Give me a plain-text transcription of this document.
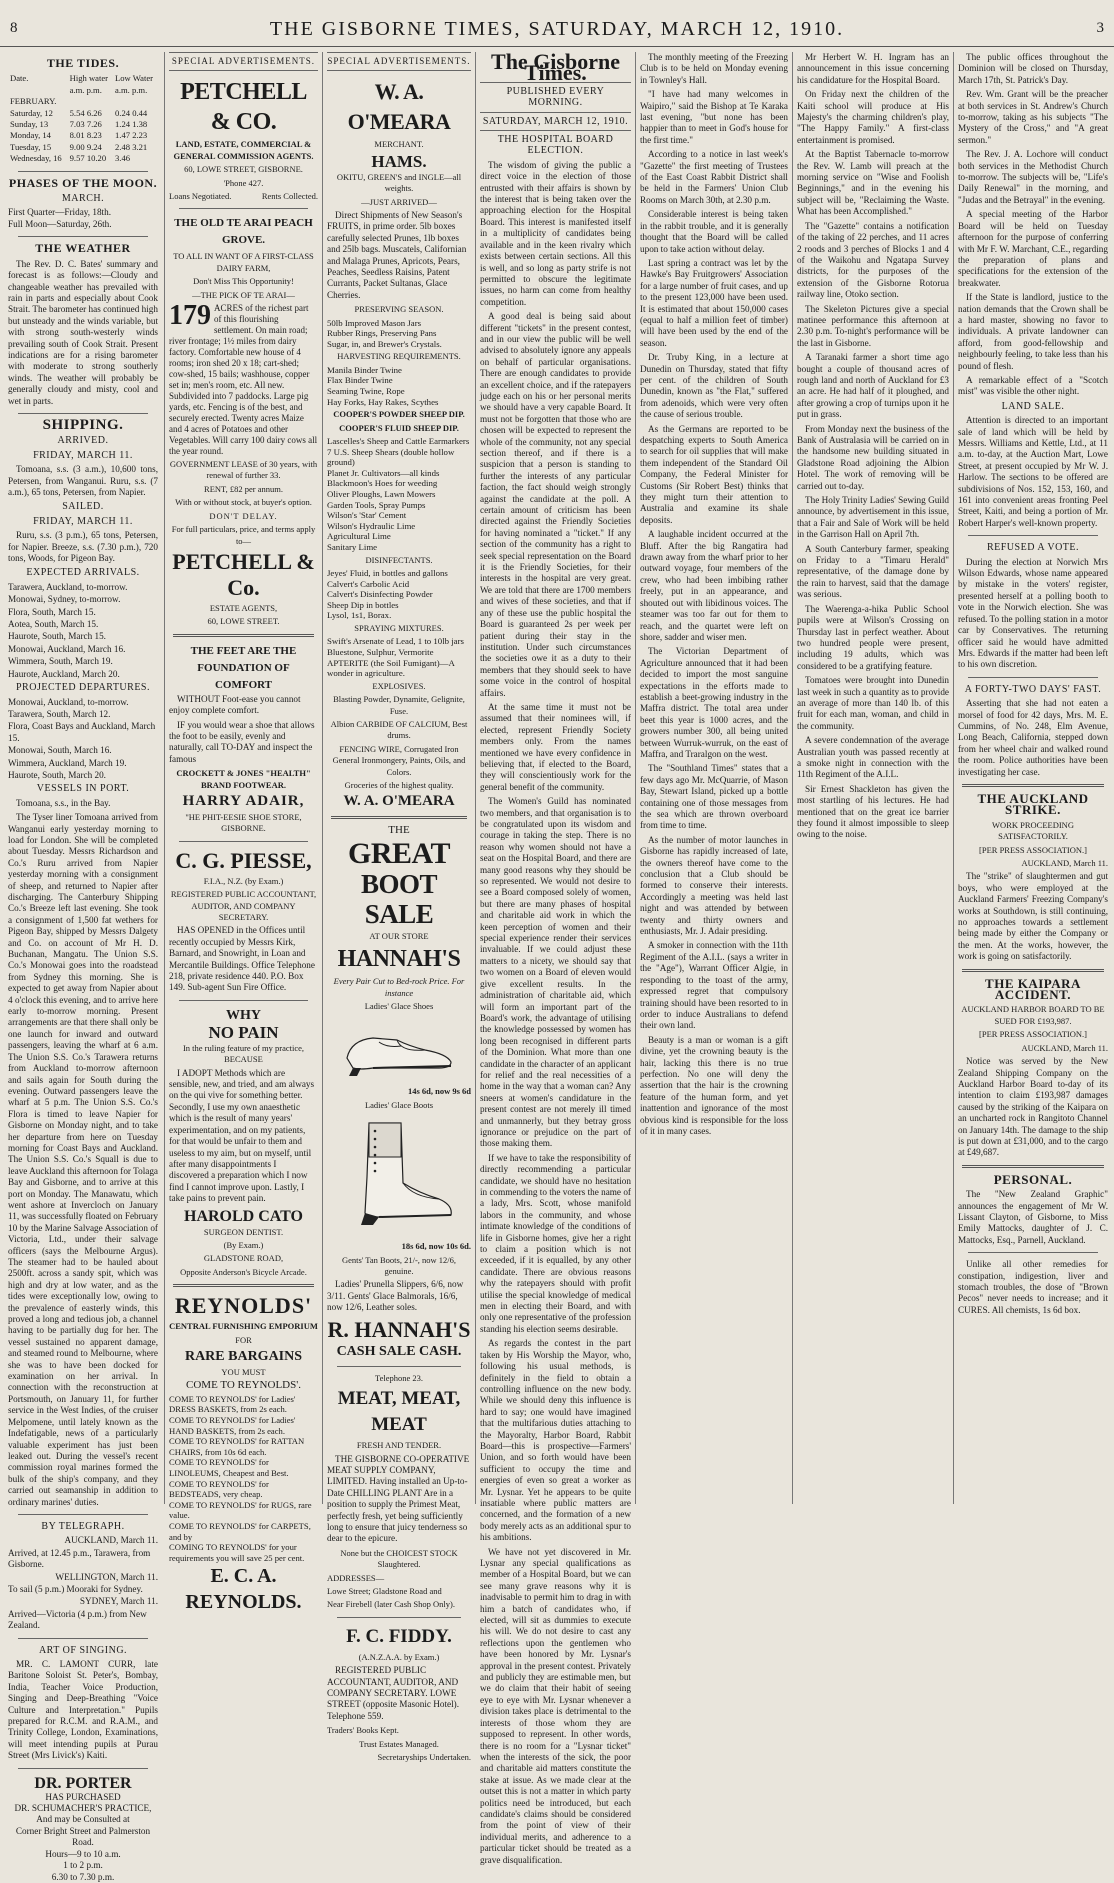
8	THE GISBORNE TIMES, SATURDAY, MARCH 12, 1910.	3
THE TIDES.
Date.	High water	Low Water
	a.m. p.m.	a.m. p.m.
FEBRUARY.		
Saturday, 12	5.54 6.26	0.24 0.44
Sunday, 13	7.03 7.26	1.24 1.38
Monday, 14	8.01 8.23	1.47 2.23
Tuesday, 15	9.00 9.24	2.48 3.21
Wednesday, 16	9.57 10.20	3.46
PHASES OF THE MOON.
MARCH.
First Quarter—Friday, 18th.
Full Moon—Saturday, 26th.
THE WEATHER

The Rev. D. C. Bates' summary and forecast is as follows:—Cloudy and changeable weather has prevailed with rain in parts and especially about Cook Strait. The barometer has continued high but unsteady and the winds variable, but with strong south-westerly winds prevailing south of Cook Strait. Present indications are for a rising barometer with moderate to strong southerly winds. The weather will probably be generally cloudy and misty, cool and wet in parts.

SHIPPING.
ARRIVED.
FRIDAY, MARCH 11.

Tomoana, s.s. (3 a.m.), 10,600 tons, Petersen, from Wanganui. Ruru, s.s. (7 a.m.), 65 tons, Petersen, from Napier.

SAILED.
FRIDAY, MARCH 11.

Ruru, s.s. (3 p.m.), 65 tons, Petersen, for Napier. Breeze, s.s. (7.30 p.m.), 720 tons, Woods, for Pigeon Bay.

EXPECTED ARRIVALS.
Tarawera, Auckland, to-morrow.
Monowai, Sydney, to-morrow.
Flora, South, March 15.
Aotea, South, March 15.
Haurote, South, March 15.
Monowai, Auckland, March 16.
Wimmera, South, March 19.
Haurote, Auckland, March 20.
PROJECTED DEPARTURES.
Monowai, Auckland, to-morrow.
Tarawera, South, March 12.
Flora, Coast Bays and Auckland, March 15.
Monowai, South, March 16.
Wimmera, Auckland, March 19.
Haurote, South, March 20.
VESSELS IN PORT.

Tomoana, s.s., in the Bay.

The Tyser liner Tomoana arrived from Wanganui early yesterday morning to load for London. She will be completed about Tuesday. Messrs Richardson and Co.'s Ruru arrived from Napier yesterday morning with a consignment of sheep, and returned to Napier after discharging. The Canterbury Shipping Co.'s Breeze left last evening. She took a consignment of 1,500 fat wethers for Pigeon Bay, shipped by Messrs Dalgety and Co. on account of Mr H. D. Buchanan, Mangatu. The Union S.S. Co.'s Monowai goes into the roadstead from Sydney this morning. She is expected to get away from Napier about 4 o'clock this evening, and to arrive here early to-morrow morning. Present arrangements are that there shall only be one launch for inward and outward passengers, leaving the wharf at 6 a.m. The Union S.S. Co.'s Tarawera returns from Auckland to-morrow afternoon and sails again for South during the evening. Outward passengers leave the wharf at 5 p.m. The Union S.S. Co.'s Flora is timed to leave Napier for Gisborne on Monday night, and to take her departure from here on Tuesday morning for Coast Bays and Auckland. The Union S.S. Co.'s Squall is due to leave Auckland this afternoon for Tolaga Bay and Gisborne, and to arrive at this port on Monday. The Manawatu, which went ashore at Invercloch on January 11, was successfully floated on February 10 by the Marine Salvage Association of Victoria, Ltd., under their salvage officers (says the Melbourne Argus). The steamer had to be hauled about 2500ft. across a sandy spit, which was high and dry at low water, and as the tides were exceptionally low, owing to the prevalence of easterly winds, this proved a long and tedious job, a channel having to be partially dug for her. The vessel sustained no apparent damage, and steamed round to Melbourne, where she was to have been docked for examination on her arrival. In connection with the reconstruction at Portsmouth, on January 11, for further service in the West Indies, of the cruiser Melpomene, until lately known as the Indefatigable, news of a particularly valuable experiment has just been leaked out. During the vessel's recent commission royal marines formed the bulk of the ship's company, and they carried out seamanship in addition to ordinary marines' duties.

BY TELEGRAPH.
AUCKLAND, March 11.
Arrived, at 12.45 p.m., Tarawera, from Gisborne.
WELLINGTON, March 11.
To sail (5 p.m.) Mooraki for Sydney.
SYDNEY, March 11.
Arrived—Victoria (4 p.m.) from New Zealand.
ART OF SINGING.

MR. C. LAMONT CURR, late Baritone Soloist St. Peter's, Bombay, India, Teacher Voice Production, Singing and Deep-Breathing "Voice Culture and Interpretation." Pupils prepared for R.C.M. and R.A.M., and Trinity College, London, Examinations, will meet intending pupils at Purau Street (Mrs Livick's) Kaiti.

DR. PORTER
HAS PURCHASED
DR. SCHUMACHER'S PRACTICE,
And may be Consulted at
Corner Bright Street and Palmerston Road.
Hours—9 to 10 a.m.
1 to 2 p.m.
6.30 to 7.30 p.m.
SPECIAL ADVERTISEMENTS.
PETCHELL & CO.
LAND, ESTATE, COMMERCIAL & GENERAL COMMISSION AGENTS.
60, LOWE STREET, GISBORNE.
'Phone 427.
Loans Negotiated.	Rents Collected.
THE OLD TE ARAI PEACH GROVE.
TO ALL IN WANT OF A FIRST-CLASS DAIRY FARM,
Don't Miss This Opportunity!
—THE PICK OF TE ARAI—
179 ACRES of the richest part of this flourishing settlement. On main road; river frontage; 1½ miles from dairy factory. Comfortable new house of 4 rooms; iron shed 20 x 18; cart-shed; cow-shed, 15 bails; washhouse, copper set in; men's room, etc. All new. Subdivided into 7 paddocks. Large pig yards, etc. Fencing is of the best, and securely erected. Twenty acres Maize and 4 acres of Potatoes and other Vegetables. Will carry 100 dairy cows all the year round.
GOVERNMENT LEASE of 30 years, with renewal of further 33.
RENT, £82 per annum.
With or without stock, at buyer's option.
DON'T DELAY.
For full particulars, price, and terms apply to—
PETCHELL & Co.
ESTATE AGENTS,
60, LOWE STREET.
THE FEET ARE THE FOUNDATION OF COMFORT

WITHOUT Foot-ease you cannot enjoy complete comfort.

IF you would wear a shoe that allows the foot to be easily, evenly and naturally, call TO-DAY and inspect the famous

CROCKETT & JONES "HEALTH" BRAND FOOTWEAR.
HARRY ADAIR,
"HE PHIT-EESIE SHOE STORE, GISBORNE.
C. G. PIESSE,
F.I.A., N.Z. (by Exam.)
REGISTERED PUBLIC ACCOUNTANT, AUDITOR, AND COMPANY SECRETARY.

HAS OPENED in the Offices until recently occupied by Messrs Kirk, Barnard, and Snowright, in Loan and Mercantile Buildings. Office Telephone 218, private residence 440. P.O. Box 149. Sub-agent Sun Fire Office.

WHY
NO PAIN
In the ruling feature of my practice, BECAUSE

I ADOPT Methods which are sensible, new, and tried, and am always on the qui vive for something better. Secondly, I use my own anaesthetic which is the result of many years' experimentation, and on my patients, for that would be unfair to them and useless to my aim, but on myself, until after many disappointments I discovered a preparation which I now find I cannot improve upon. Lastly, I take pains to prevent pain.

HAROLD CATO
SURGEON DENTIST.
(By Exam.)
GLADSTONE ROAD,
Opposite Anderson's Bicycle Arcade.
REYNOLDS'
CENTRAL FURNISHING EMPORIUM
FOR
RARE BARGAINS
YOU MUST
COME TO REYNOLDS'.
COME TO REYNOLDS' for Ladies' DRESS BASKETS, from 2s each.
COME TO REYNOLDS' for Ladies' HAND BASKETS, from 2s each.
COME TO REYNOLDS' for RATTAN CHAIRS, from 10s 6d each.
COME TO REYNOLDS' for LINOLEUMS, Cheapest and Best.
COME TO REYNOLDS' for BEDSTEADS, very cheap.
COME TO REYNOLDS' for RUGS, rare value.
COME TO REYNOLDS' for CARPETS, and by
COMING TO REYNOLDS' for your requirements you will save 25 per cent.
E. C. A. REYNOLDS.
SPECIAL ADVERTISEMENTS.
W. A. O'MEARA
MERCHANT.
HAMS.
OKITU, GREEN'S and INGLE—all weights.
—JUST ARRIVED—

Direct Shipments of New Season's FRUITS, in prime order. 5lb boxes carefully selected Prunes, 1lb boxes and 25lb bags. Muscatels, Californian and Malaga Prunes, Apricots, Pears, Peaches, Seedless Raisins, Patent Currants, Packet Sultanas, Glace Cherries.

PRESERVING SEASON.
50lb Improved Mason Jars
Rubber Rings, Preserving Pans
Sugar, in, and Brewer's Crystals.
HARVESTING REQUIREMENTS.
Manila Binder Twine
Flax Binder Twine
Seaming Twine, Rope
Hay Forks, Hay Rakes, Scythes
COOPER'S POWDER SHEEP DIP.
COOPER'S FLUID SHEEP DIP.
Lascelles's Sheep and Cattle Earmarkers
7 U.S. Sheep Shears (double hollow ground)
Planet Jr. Cultivators—all kinds
Blackmoon's Hoes for weeding
Oliver Ploughs, Lawn Mowers
Garden Tools, Spray Pumps
Wilson's 'Star' Cement
Wilson's Hydraulic Lime
Agricultural Lime
Sanitary Lime
DISINFECTANTS.
Jeyes' Fluid, in bottles and gallons
Calvert's Carbolic Acid
Calvert's Disinfecting Powder
Sheep Dip in bottles
Lysol, 1s1, Borax.
SPRAYING MIXTURES.
Swift's Arsenate of Lead, 1 to 10lb jars
Bluestone, Sulphur, Vermorite
APTERITE (the Soil Fumigant)—A wonder in agriculture.
EXPLOSIVES.
Blasting Powder, Dynamite, Gelignite, Fuse.
Albion CARBIDE OF CALCIUM, Best drums.
FENCING WIRE, Corrugated Iron General Ironmongery, Paints, Oils, and Colors.
Groceries of the highest quality.
W. A. O'MEARA
THE
GREAT
BOOT SALE
AT OUR STORE
HANNAH'S
Every Pair Cut to Bed-rock Price. For instance
Ladies' Glace Shoes
14s 6d, now 9s 6d
Ladies' Glace Boots
18s 6d, now 10s 6d.
Gents' Tan Boots, 21/-, now 12/6, genuine.

Ladies' Prunella Slippers, 6/6, now 3/11. Gents' Glace Balmorals, 16/6, now 12/6, Leather soles.

R. HANNAH'S
CASH SALE CASH.
Telephone 23.
MEAT, MEAT, MEAT
FRESH AND TENDER.

THE GISBORNE CO-OPERATIVE MEAT SUPPLY COMPANY, LIMITED. Having installed an Up-to-Date CHILLING PLANT Are in a position to supply the Primest Meat, perfectly fresh, yet being sufficiently long to ensure that juicy tenderness so dear to the epicure.

None but the CHOICEST STOCK Slaughtered.
ADDRESSES—
Lowe Street; Gladstone Road and
Near Firebell (later Cash Shop Only).
F. C. FIDDY.
(A.N.Z.A.A. by Exam.)

REGISTERED PUBLIC ACCOUNTANT, AUDITOR, AND COMPANY SECRETARY. LOWE STREET (opposite Masonic Hotel). Telephone 559.

Traders' Books Kept.
Trust Estates Managed.
Secretaryships Undertaken.
The Gisborne Times.
PUBLISHED EVERY MORNING.
SATURDAY, MARCH 12, 1910.
THE HOSPITAL BOARD ELECTION.

The wisdom of giving the public a direct voice in the election of those entrusted with their affairs is shown by the interest that is being taken over the approaching election for the Hospital Board. This interest is manifested itself in a multiplicity of candidates being available and in the keen rivalry which exists between certain sections. All this is well, and so long as party strife is not permitted to obscure the legitimate issues, no harm can come from healthy competition.

A good deal is being said about different "tickets" in the present contest, and in our view the public will be well advised to absolutely ignore any appeals on behalf of particular organisations. There are enough candidates to provide an excellent choice, and if the ratepayers judge each on his or her personal merits we should have a very capable Board. It must not be forgotten that those who are chosen will be expected to represent the whole of the community, not any special section thereof, and if there is a suspicion that a person is standing to further the interests of any particular faction, the fact should weigh strongly against the candidate at the poll. A certain amount of criticism has been directed against the Friendly Societies for having nominated a "ticket." If any section of the community has a right to seek special representation on the Board it is the Friendly Societies, for their interests in the hospital are very great. We are told that there are 1700 members and wives of these societies, and that if any of these use the public hospital the Board is guaranteed 2s per week per patient during their stay in the institution. Under such circumstances the societies owe it as a duty to their members that they should seek to have some voice in the control of hospital affairs.

At the same time it must not be assumed that their nominees will, if elected, represent Friendly Society members only. From the names mentioned we have every confidence in believing that, if elected to the Board, they will conscientiously work for the general benefit of the community.

The Women's Guild has nominated two members, and that organisation is to be congratulated upon its wisdom and courage in taking the step. There is no reason why women should not have a seat on the Hospital Board, and there are many good reasons why they should be so represented. We would not desire to see a Board composed solely of women, but there are many phases of hospital and charitable aid work in which the keen perception of women and their special experience render their services invaluable. If we could adjust these matters to a nicety, we should say that two women on a Board of eleven would give excellent results. In the administration of charitable aid, which will form an important part of the Board's work, the advantage of utilising the knowledge possessed by women has long been recognised in different parts of the Dominion. What more than one candidate in the character of an applicant for relief and the real necessities of a home in the way that a woman can? Any sneers at women's candidature in the present contest are not merely ill timed and unmannerly, but they betray gross ignorance or prejudice on the part of those making them.

If we have to take the responsibility of directly recommending a particular candidate, we should have no hesitation in commending to the voters the name of a lady, Mrs. Scott, whose manifold labors in the community, and whose intimate knowledge of the conditions of life in Gisborne homes, give her a right to claim a position which is not exceeded, if it is equalled, by any other candidate. There are obvious reasons why the ratepayers should with profit utilise the special knowledge of medical men in electing their Board, and with only one representative of the profession standing his election seems desirable.

As regards the contest in the part taken by His Worship the Mayor, who, following his usual methods, is definitely in the field to obtain a controlling influence on the new body. While we should deny this influence is hard to say; one would have imagined that the multifarious duties attaching to the Mayoralty, Harbor Board, Rabbit Board—this is prospective—Farmers' Union, and so forth would have been sufficient to occupy the time and energies of even so great a worker as Mr. Lysnar. Yet he appears to be quite insatiable where public matters are concerned, and the formation of a new body merely acts as an additional spur to his ambitions.

We have not yet discovered in Mr. Lysnar any special qualifications as member of a Hospital Board, but we can see many grave reasons why it is inadvisable to permit him to drag in with him a batch of candidates who, if elected, will sit as dummies to execute his will. We do not desire to cast any reflections upon the gentlemen who have been honored by Mr. Lysnar's approval in the present contest. Privately and publicly they are estimable men, but we do claim that their habit of seeing eye to eye with Mr. Lysnar whenever a division takes place is detrimental to the interests of those whom they are supposed to represent. In other words, there is no room for a "Lysnar ticket" when the interests of the sick, the poor and charitable aid matters constitute the stake at issue. As we made clear at the outset this is not a matter in which party politics need be introduced, but each candidate's claims should be considered from the point of view of their individual merits, and adherence to a particular ticket should be treated as a grave disqualification.

The monthly meeting of the Freezing Club is to be held on Monday evening in Townley's Hall.

"I have had many welcomes in Waipiro," said the Bishop at Te Karaka last evening, "but none has been happier than to meet in God's house for the first time."

According to a notice in last week's "Gazette" the first meeting of Trustees of the East Coast Rabbit District shall be held in the Farmers' Union Club Rooms on March 30th, at 2.30 p.m.

Considerable interest is being taken in the rabbit trouble, and it is generally thought that the Board will be called upon to take action without delay.

Last spring a contract was let by the Hawke's Bay Fruitgrowers' Association for a large number of fruit cases, and up to the present 123,000 have been used. It is estimated that about 150,000 cases (equal to half a million feet of timber) will have been used by the end of the season.

Dr. Truby King, in a lecture at Dunedin on Thursday, stated that fifty per cent. of the children of South Dunedin, known as "the Flat," suffered from adenoids, which were very often the cause of serious trouble.

As the Germans are reported to be despatching experts to South America to search for oil supplies that will make them independent of the Standard Oil Company, the Federal Minister for Customs (Sir Robert Best) thinks that they might turn their attention to Australia and examine its shale deposits.

A laughable incident occurred at the Bluff. After the big Rangatira had drawn away from the wharf prior to her outward voyage, four members of the crew, who had been imbibing rather freely, put in an appearance, and shouted out with libidinous voices. The steamer was too far out for them to reach, and the quartet were left on shore, sadder and wiser men.

The Victorian Department of Agriculture announced that it had been decided to import the most sanguine expectations in the efforts made to establish a beet-growing industry in the Maffra district. The total area under beet this year is 1000 acres, and the growers number 300, all being united between Wurruk-wurruk, on the east of Maffra, and Traralgon on the west.

The "Southland Times" states that a few days ago Mr. McQuarrie, of Mason Bay, Stewart Island, picked up a bottle containing one of those messages from the sea which are thrown overboard from time to time.

As the number of motor launches in Gisborne has rapidly increased of late, the owners thereof have come to the conclusion that a Club should be formed to conserve their interests. Accordingly a meeting was held last night and was attended by between twenty and thirty owners and enthusiasts, Mr. J. Adair presiding.

A smoker in connection with the 11th Regiment of the A.I.L. (says a writer in the "Age"), Warrant Officer Algie, in responding to the toast of the army, expressed regret that compulsory training should have been resorted to in order to induce Australians to defend their own land.

Beauty is a man or woman is a gift divine, yet the crowning beauty is the hair, lacking this there is no true perfection. No one will deny the assertion that the hair is the crowning feature of the human form, and yet inattention and ignorance of the most obvious kind is responsible for the loss of it in many cases.

Mr Herbert W. H. Ingram has an announcement in this issue concerning his candidature for the Hospital Board.

On Friday next the children of the Kaiti school will produce at His Majesty's the charming children's play, "The Happy Family." A first-class entertainment is promised.

At the Baptist Tabernacle to-morrow the Rev. W. Lamb will preach at the morning service on "Wise and Foolish Beginnings," and in the evening his subject will be, "Reclaiming the Waste. What has been Accomplished."

The "Gazette" contains a notification of the taking of 22 perches, and 11 acres 2 roods and 3 perches of Blocks 1 and 4 of the Waikohu and Ngatapa Survey districts, for the purposes of the extension of the Gisborne Rotorua railway line, Otoko section.

The Skeleton Pictures give a special matinee performance this afternoon at 2.30 p.m. To-night's performance will be the last in Gisborne.

A Taranaki farmer a short time ago bought a couple of thousand acres of rough land and north of Auckland for £3 an acre. He had half of it ploughed, and after growing a crop of turnips upon it he put in grass.

From Monday next the business of the Bank of Australasia will be carried on in the handsome new building situated in Gladstone Road adjoining the Albion Hotel. The work of removing will be carried out to-day.

The Holy Trinity Ladies' Sewing Guild announce, by advertisement in this issue, that a Fair and Sale of Work will be held in the Garrison Hall on April 7th.

A South Canterbury farmer, speaking on Friday to a "Timaru Herald" representative, of the damage done by the rain to harvest, said that the damage was serious.

The Waerenga-a-hika Public School pupils were at Wilson's Crossing on Thursday last in perfect weather. About two hundred people were present, including 19 adults, which was considered to be a gratifying feature.

Tomatoes were brought into Dunedin last week in such a quantity as to provide an average of more than 140 lb. of this fruit for each man, woman, and child in the community.

A severe condemnation of the average Australian youth was passed recently at a smoke night in connection with the 11th Regiment of the A.I.L.

Sir Ernest Shackleton has given the most startling of his lectures. He had mentioned that on the great ice barrier they found it almost impossible to sleep owing to the noise.

The public offices throughout the Dominion will be closed on Thursday, March 17th, St. Patrick's Day.

Rev. Wm. Grant will be the preacher at both services in St. Andrew's Church to-morrow, taking as his subjects "The Mystery of the Cross," and "A great sermon."

The Rev. J. A. Lochore will conduct both services in the Methodist Church to-morrow. The subjects will be, "Life's Daily Renewal" in the morning, and "Judas and the Betrayal" in the evening.

A special meeting of the Harbor Board will be held on Tuesday afternoon for the purpose of conferring with Mr F. W. Marchant, C.E., regarding the preparation of plans and specifications for the extension of the breakwater.

If the State is landlord, justice to the nation demands that the Crown shall be a hard master, showing no favor to individuals. A private landowner can afford, from good-fellowship and neighbourly feeling, to take less than his pound of flesh.

A remarkable effect of a "Scotch mist" was visible the other night.

LAND SALE.

Attention is directed to an important sale of land which will be held by Messrs. Williams and Kettle, Ltd., at 11 a.m. to-day, at the Auction Mart, Lowe Street, at present occupied by Mr W. J. Harlow. The sections to be offered are subdivisions of Nos. 152, 153, 160, and 161 into convenient areas fronting Peel Street, Kaiti, and being a portion of Mr. Robert Harper's well-known property.

REFUSED A VOTE.

During the election at Norwich Mrs Wilson Edwards, whose name appeared by mistake in the voters' register, presented herself at a polling booth to vote in the Norwich election. She was refused. To the polling station in a motor car by Conservatives. The returning officer said he would have admitted Mrs. Edwards if the matter had been left to his own discretion.

A FORTY-TWO DAYS' FAST.

Asserting that she had not eaten a morsel of food for 42 days, Mrs. M. E. Cummins, of No. 248, Elm Avenue, Long Beach, California, stepped down from her wheel chair and walked round the room. Police authorities have been investigating her case.

THE AUCKLAND STRIKE.
WORK PROCEEDING SATISFACTORILY.
[PER PRESS ASSOCIATION.]
AUCKLAND, March 11.

The "strike" of slaughtermen and gut boys, who were employed at the Auckland Farmers' Freezing Company's works at Southdown, is still continuing, no approaches towards a settlement being made by either the Company or the men. At the works, however, the work is going on satisfactorily.

THE KAIPARA ACCIDENT.
AUCKLAND HARBOR BOARD TO BE SUED FOR £193,987.
[PER PRESS ASSOCIATION.]
AUCKLAND, March 11.

Notice was served by the New Zealand Shipping Company on the Auckland Harbor Board to-day of its intention to claim £193,987 damages caused by the striking of the Kaipara on an uncharted rock in Rangitoto Channel on January 14th. The damage to the ship is put down at £31,000, and to the cargo at £49,687.

PERSONAL.

The "New Zealand Graphic" announces the engagement of Mr W. Lissant Clayton, of Gisborne, to Miss Emily Mattocks, daughter of J. C. Mattocks, Esq., Parnell, Auckland.

Unlike all other remedies for constipation, indigestion, liver and stomach troubles, the dose of "Brown Pecos" never needs to increase; and it CURES. All chemists, 1s 6d box.
